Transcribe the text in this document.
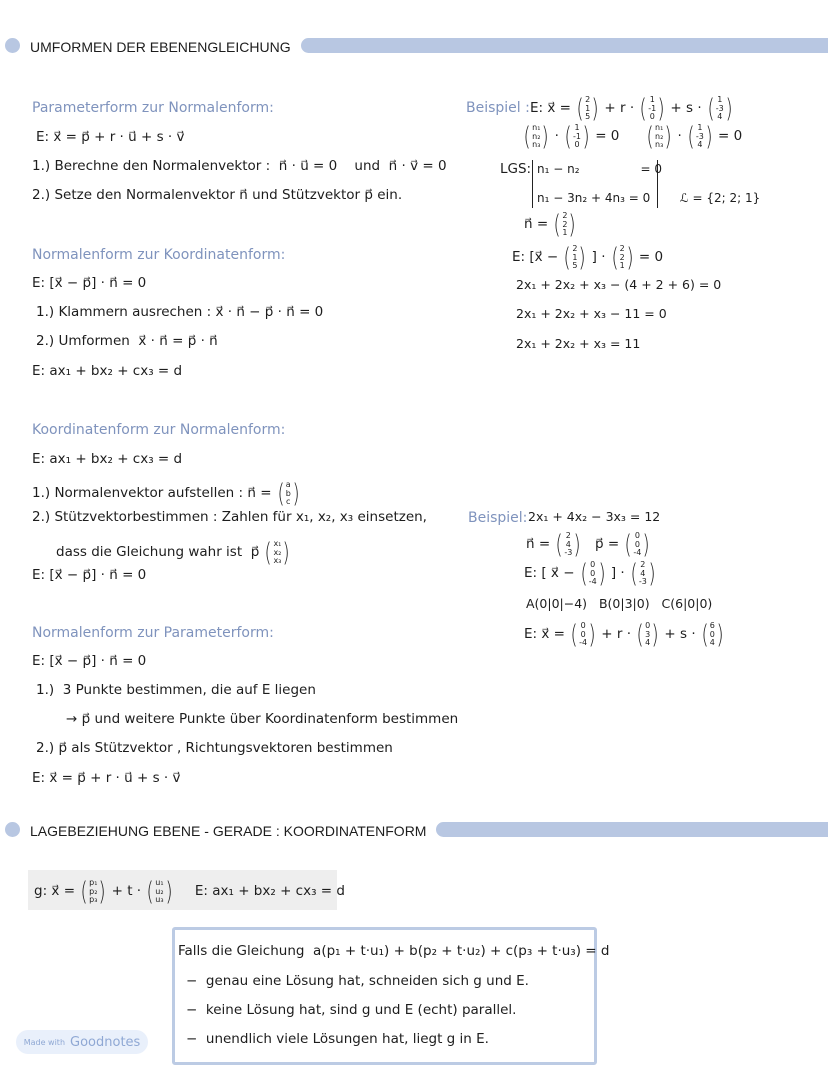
UMFORMEN DER EBENENGLEICHUNG
LAGEBEZIEHUNG EBENE - GERADE : KOORDINATENFORM
Parameterform zur Normalenform:
E: x⃗ = p⃗ + r · u⃗ + s · v⃗
1.) Berechne den Normalenvektor :  n⃗ · u⃗ = 0    und  n⃗ · v⃗ = 0
2.) Setze den Normalenvektor n⃗ und Stützvektor p⃗ ein.
Normalenform zur Koordinatenform:
E: [x⃗ − p⃗] · n⃗ = 0
1.) Klammern ausrechen : x⃗ · n⃗ − p⃗ · n⃗ = 0
2.) Umformen  x⃗ · n⃗ = p⃗ · n⃗
E: ax₁ + bx₂ + cx₃ = d
Koordinatenform zur Normalenform:
E: ax₁ + bx₂ + cx₃ = d
1.) Normalenvektor aufstellen : n⃗ = ( a
b
c )
2.) Stützvektorbestimmen : Zahlen für x₁, x₂, x₃ einsetzen,
dass die Gleichung wahr ist  p⃗ ( x₁
x₂
x₃ )
E: [x⃗ − p⃗] · n⃗ = 0
Normalenform zur Parameterform:
E: [x⃗ − p⃗] · n⃗ = 0
1.)  3 Punkte bestimmen, die auf E liegen
→ p⃗ und weitere Punkte über Koordinatenform bestimmen
2.) p⃗ als Stützvektor , Richtungsvektoren bestimmen
E: x⃗ = p⃗ + r · u⃗ + s · v⃗
Beispiel : E: x⃗ = ( 2
1
5 ) + r · ( 1
-1
0 ) + s · ( 1
-3
4 )
( n₁
n₂
n₃ ) · ( 1
-1
0 ) = 0 ( n₁
n₂
n₃ ) · ( 1
-3
4 ) = 0
LGS: n₁ − n₂                = 0
n₁ − 3n₂ + 4n₃ = 0 ℒ = {2; 2; 1}
n⃗ = ( 2
2
1 )
E: [x⃗ − ( 2
1
5 ) ] · ( 2
2
1 ) = 0
2x₁ + 2x₂ + x₃ − (4 + 2 + 6) = 0
2x₁ + 2x₂ + x₃ − 11 = 0
2x₁ + 2x₂ + x₃ = 11
Beispiel: 2x₁ + 4x₂ − 3x₃ = 12
n⃗ = ( 2
4
-3 ) p⃗ = ( 0
0
-4 )
E: [ x⃗ − ( 0
0
-4 ) ] · ( 2
4
-3 )
A(0|0|−4)   B(0|3|0)   C(6|0|0)
E: x⃗ = ( 0
0
-4 ) + r · ( 0
3
4 ) + s · ( 6
0
4 )
g: x⃗ = ( p₁
p₂
p₃ ) + t · ( u₁
u₂
u₃ ) E: ax₁ + bx₂ + cx₃ = d
Falls die Gleichung  a(p₁ + t·u₁) + b(p₂ + t·u₂) + c(p₃ + t·u₃) = d
−  genau eine Lösung hat, schneiden sich g und E.
−  keine Lösung hat, sind g und E (echt) parallel.
−  unendlich viele Lösungen hat, liegt g in E.
Made with Goodnotes
